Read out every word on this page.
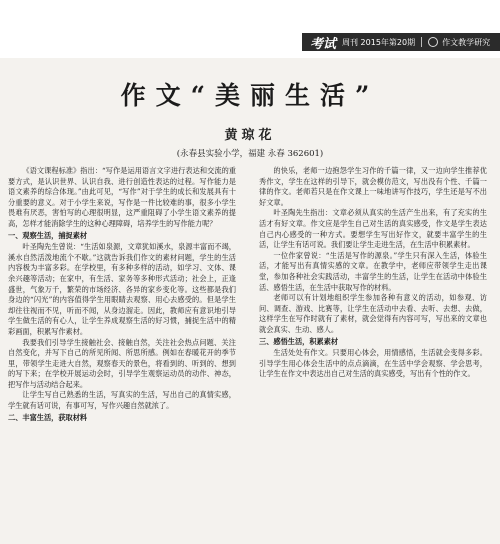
考试 周刊 2015年第20期	作文教学研究
作文“美丽生活”
黄琼花
(永春县实验小学，福建 永春 362601)

《语文课程标准》指出：“写作是运用语言文字进行表达和交流的重要方式，是认识世界、认识自我、进行创造性表达的过程。写作能力是语文素养的综合体现。”由此可见，“写作”对于学生的成长和发展具有十分重要的意义。对于小学生来说，写作是一件比较难的事，很多小学生畏难有厌恶，害怕写的心理很明显，这严重阻碍了小学生语文素养的提高，怎样才能消除学生的这种心理障碍，培养学生的写作能力呢？

一、观察生活，捕捉素材

叶圣陶先生曾说：“生活如泉源，文章犹如溪水，泉源丰富而不竭，溪水自然活泼地流个不歇。”这就告诉我们作文的素材问题，学生的生活内容极为丰富多彩。在学校里，有多种多样的活动，如学习、文体、课余兴趣等活动；在家中，有生活、家务等多种形式活动；社会上，正逢盛世，气象万千，繁荣的市场经济、各异的家乡变化等。这些都是我们身边的“闪光”的内容值得学生用眼睛去观察、用心去感受的。但是学生却往往视而不见，听而不闻，从身边溜走。因此，教师应有意识地引导学生做生活的有心人，让学生养成观察生活的好习惯，捕捉生活中的精彩画面，积累写作素材。

我要我们引导学生接触社会、接触自然，关注社会热点问题、关注自然变化，并写下自己的所见所闻、所思所感。例如在春暖花开的季节里，带领学生走进大自然，观察春天的景色，将看到的、听到的、想到的写下来；在学校开展运动会时，引导学生观察运动员的动作、神态，把写作与活动结合起来。

让学生写自己熟悉的生活，写真实的生活，写出自己的真情实感，学生就有话可说，有事可写，写作兴趣自然就浓了。

二、丰富生活，获取材料

的快乐，老师一边抱怨学生习作的千篇一律，又一边向学生推荐优秀作文，学生在这样的引导下，就会模仿范文，写出没有个性、千篇一律的作文。老师若只是在作文课上一味地讲写作技巧，学生还是写不出好文章。

叶圣陶先生指出：文章必须从真实的生活产生出来，有了充实的生活才有好文章。作文应是学生自己对生活的真实感受，作文是学生表达自己内心感受的一种方式。要想学生写出好作文，就要丰富学生的生活，让学生有话可说。我们要让学生走进生活，在生活中积累素材。

一位作家曾说：“生活是写作的源泉。”学生只有深入生活，体验生活，才能写出有真情实感的文章。在教学中，老师应带领学生走出课堂，参加各种社会实践活动，丰富学生的生活，让学生在活动中体验生活、感悟生活，在生活中获取写作的材料。

老师可以有计划地组织学生参加各种有意义的活动，如参观、访问、调查、游戏、比赛等，让学生在活动中去看、去听、去想、去做，这样学生在写作时就有了素材，就会觉得有内容可写，写出来的文章也就会真实、生动、感人。

三、感悟生活，积累素材

生活处处有作文。只要用心体会，用情感悟，生活就会变得多彩。引导学生用心体会生活中的点点滴滴，在生活中学会观察、学会思考，让学生在作文中表达出自己对生活的真实感受，写出有个性的作文。
